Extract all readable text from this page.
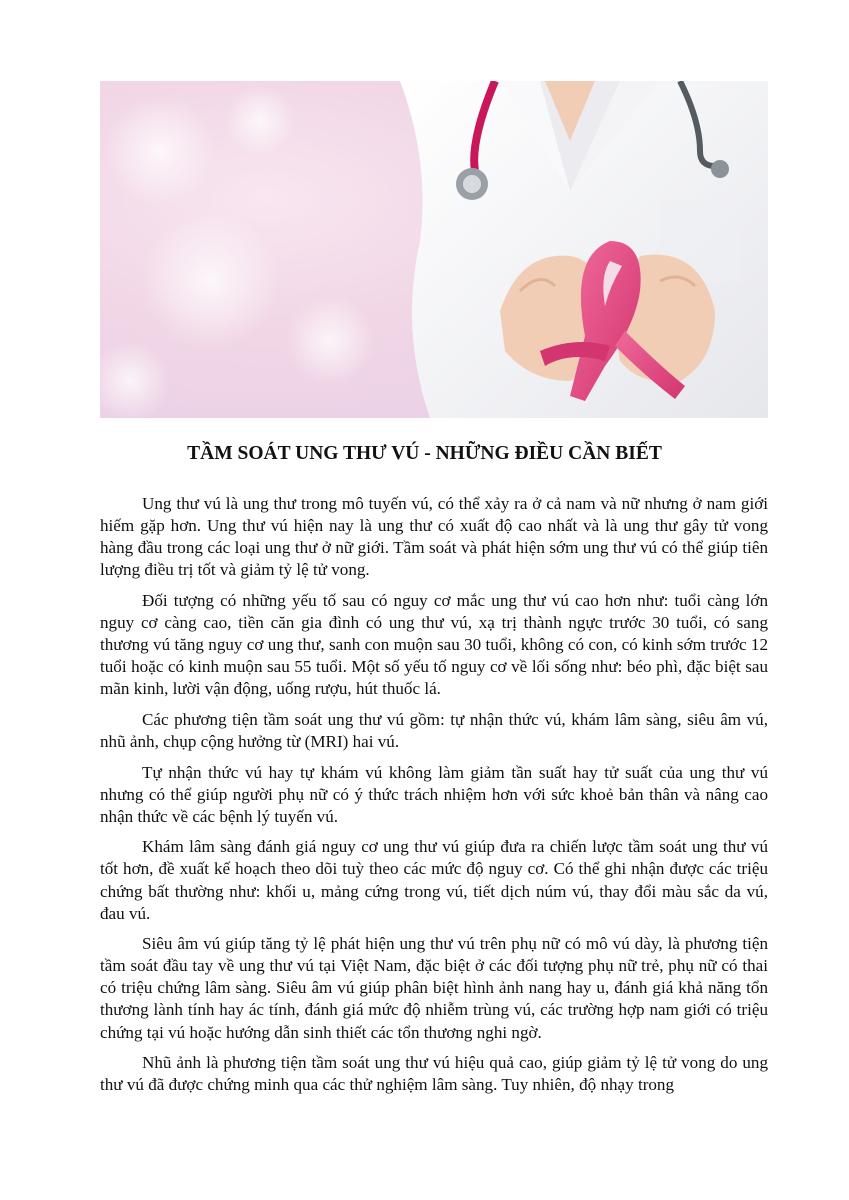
TẦM SOÁT UNG THƯ VÚ - NHỮNG ĐIỀU CẦN BIẾT

Ung thư vú là ung thư trong mô tuyến vú, có thể xảy ra ở cả nam và nữ nhưng ở nam giới hiếm gặp hơn. Ung thư vú hiện nay là ung thư có xuất độ cao nhất và là ung thư gây tử vong hàng đầu trong các loại ung thư ở nữ giới. Tầm soát và phát hiện sớm ung thư vú có thể giúp tiên lượng điều trị tốt và giảm tỷ lệ tử vong.

Đối tượng có những yếu tố sau có nguy cơ mắc ung thư vú cao hơn như: tuổi càng lớn nguy cơ càng cao, tiền căn gia đình có ung thư vú, xạ trị thành ngực trước 30 tuổi, có sang thương vú tăng nguy cơ ung thư, sanh con muộn sau 30 tuổi, không có con, có kinh sớm trước 12 tuổi hoặc có kinh muộn sau 55 tuổi. Một số yếu tố nguy cơ về lối sống như: béo phì, đặc biệt sau mãn kinh, lười vận động, uống rượu, hút thuốc lá.

Các phương tiện tầm soát ung thư vú gồm: tự nhận thức vú, khám lâm sàng, siêu âm vú, nhũ ảnh, chụp cộng hưởng từ (MRI) hai vú.

Tự nhận thức vú hay tự khám vú không làm giảm tần suất hay tử suất của ung thư vú nhưng có thể giúp người phụ nữ có ý thức trách nhiệm hơn với sức khoẻ bản thân và nâng cao nhận thức về các bệnh lý tuyến vú.

Khám lâm sàng đánh giá nguy cơ ung thư vú giúp đưa ra chiến lược tầm soát ung thư vú tốt hơn, đề xuất kế hoạch theo dõi tuỳ theo các mức độ nguy cơ. Có thể ghi nhận được các triệu chứng bất thường như: khối u, mảng cứng trong vú, tiết dịch núm vú, thay đổi màu sắc da vú, đau vú.

Siêu âm vú giúp tăng tỷ lệ phát hiện ung thư vú trên phụ nữ có mô vú dày, là phương tiện tầm soát đầu tay về ung thư vú tại Việt Nam, đặc biệt ở các đối tượng phụ nữ trẻ, phụ nữ có thai có triệu chứng lâm sàng. Siêu âm vú giúp phân biệt hình ảnh nang hay u, đánh giá khả năng tổn thương lành tính hay ác tính, đánh giá mức độ nhiễm trùng vú, các trường hợp nam giới có triệu chứng tại vú hoặc hướng dẫn sinh thiết các tổn thương nghi ngờ.

Nhũ ảnh là phương tiện tầm soát ung thư vú hiệu quả cao, giúp giảm tỷ lệ tử vong do ung thư vú đã được chứng minh qua các thử nghiệm lâm sàng. Tuy nhiên, độ nhạy trong
